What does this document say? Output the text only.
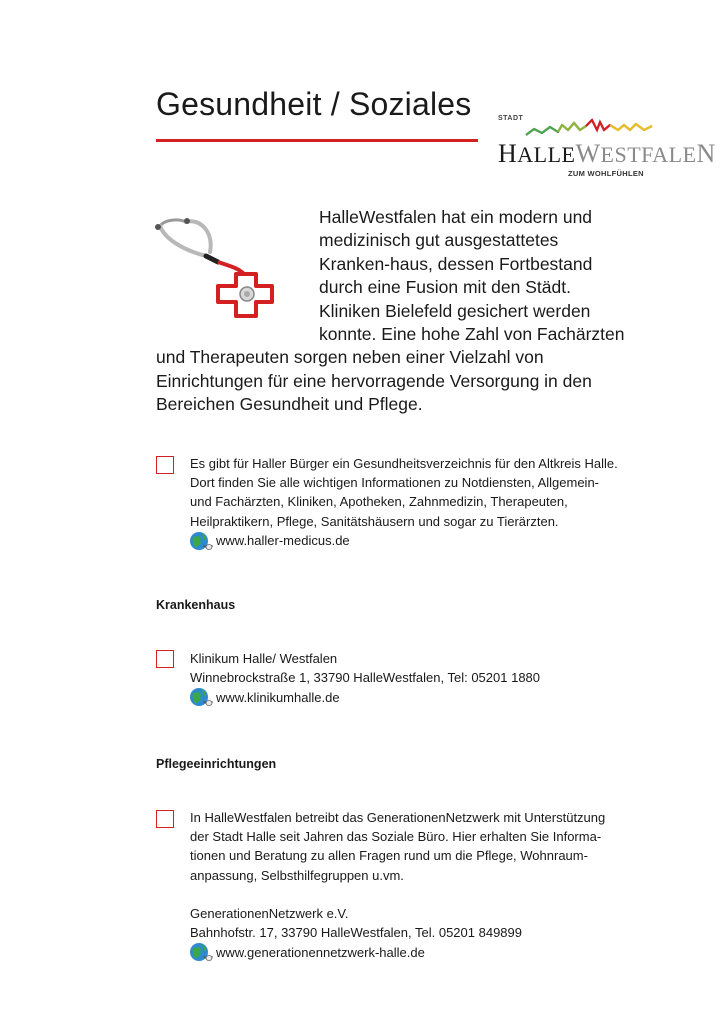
Gesundheit / Soziales	STADT
HALLEWESTFALEN
ZUM WOHLFÜHLEN
HalleWestfalen hat ein modern und medizinisch gut ausgestattetes Kranken-haus, dessen Fortbestand durch eine Fusion mit den Städt. Kliniken Bielefeld gesichert werden konnte. Eine hohe Zahl von Fachärzten und Therapeuten sorgen neben einer Vielzahl von Einrichtungen für eine hervorragende Versorgung in den Bereichen Gesundheit und Pflege.
Es gibt für Haller Bürger ein Gesundheitsverzeichnis für den Altkreis Halle.
Dort finden Sie alle wichtigen Informationen zu Notdiensten, Allgemein-
und Fachärzten, Kliniken, Apotheken, Zahnmedizin, Therapeuten,
Heilpraktikern, Pflege, Sanitätshäusern und sogar zu Tierärzten.
www.haller-medicus.de
Krankenhaus
Klinikum Halle/ Westfalen
Winnebrockstraße 1, 33790 HalleWestfalen, Tel: 05201 1880
www.klinikumhalle.de
Pflegeeinrichtungen
In HalleWestfalen betreibt das GenerationenNetzwerk mit Unterstützung
der Stadt Halle seit Jahren das Soziale Büro. Hier erhalten Sie Informa-
tionen und Beratung zu allen Fragen rund um die Pflege, Wohnraum-
anpassung, Selbsthilfegruppen u.vm.
GenerationenNetzwerk e.V.
Bahnhofstr. 17, 33790 HalleWestfalen, Tel. 05201 849899
www.generationennetzwerk-halle.de
